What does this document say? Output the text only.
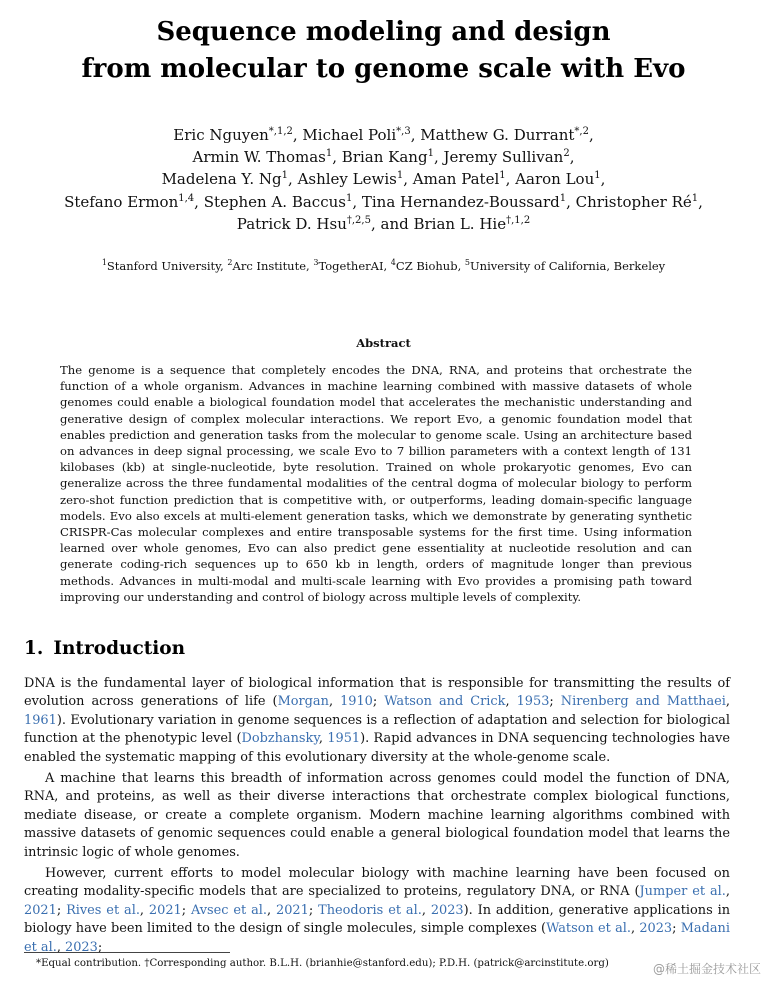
Sequence modeling and design
from molecular to genome scale with Evo
Eric Nguyen$^{*,1,2}$, Michael Poli$^{*,3}$, Matthew G. Durrant$^{*,2}$,
Armin W. Thomas$^1$, Brian Kang$^1$, Jeremy Sullivan$^2$,
Madelena Y. Ng$^1$, Ashley Lewis$^1$, Aman Patel$^1$, Aaron Lou$^1$,
Stefano Ermon$^{1,4}$, Stephen A. Baccus$^1$, Tina Hernandez-Boussard$^1$, Christopher $Ré^1$,
Patrick D. Hsu$^{\dagger,2,5}$, and Brian L. Hie$^{\dagger,1,2}$
$^1$Stanford University, $^2$Arc Institute, $^3$TogetherAI, $^4$CZ Biohub, $^5$University of California, Berkeley
Abstract

The genome is a sequence that completely encodes the DNA, RNA, and proteins that orchestrate the function of a whole organism. Advances in machine learning combined with massive datasets of whole genomes could enable a biological foundation model that accelerates the mechanistic understanding and generative design of complex molecular interactions. We report Evo, a genomic foundation model that enables prediction and generation tasks from the molecular to genome scale. Using an architecture based on advances in deep signal processing, we scale Evo to 7 billion parameters with a context length of 131 kilobases (kb) at single-nucleotide, byte resolution. Trained on whole prokaryotic genomes, Evo can generalize across the three fundamental modalities of the central dogma of molecular biology to perform zero-shot function prediction that is competitive with, or outperforms, leading domain-specific language models. Evo also excels at multi-element generation tasks, which we demonstrate by generating synthetic CRISPR-Cas molecular complexes and entire transposable systems for the first time. Using information learned over whole genomes, Evo can also predict gene essentiality at nucleotide resolution and can generate coding-rich sequences up to 650 kb in length, orders of magnitude longer than previous methods. Advances in multi-modal and multi-scale learning with Evo provides a promising path toward improving our understanding and control of biology across multiple levels of complexity.

1. Introduction

DNA is the fundamental layer of biological information that is responsible for transmitting the results of evolution across generations of life (Morgan, 1910; Watson and Crick, 1953; Nirenberg and Matthaei, 1961). Evolutionary variation in genome sequences is a reflection of adaptation and selection for biological function at the phenotypic level (Dobzhansky, 1951). Rapid advances in DNA sequencing technologies have enabled the systematic mapping of this evolutionary diversity at the whole-genome scale.

A machine that learns this breadth of information across genomes could model the function of DNA, RNA, and proteins, as well as their diverse interactions that orchestrate complex biological functions, mediate disease, or create a complete organism. Modern machine learning algorithms combined with massive datasets of genomic sequences could enable a general biological foundation model that learns the intrinsic logic of whole genomes.

However, current efforts to model molecular biology with machine learning have been focused on creating modality-specific models that are specialized to proteins, regulatory DNA, or RNA (Jumper et al., 2021; Rives et al., 2021; Avsec et al., 2021; Theodoris et al., 2023). In addition, generative applications in biology have been limited to the design of single molecules, simple complexes (Watson et al., 2023; Madani et al., 2023;

*Equal contribution. †Corresponding author. B.L.H. (brianhie@stanford.edu); P.D.H. (patrick@arcinstitute.org)	@稀土掘金技术社区
